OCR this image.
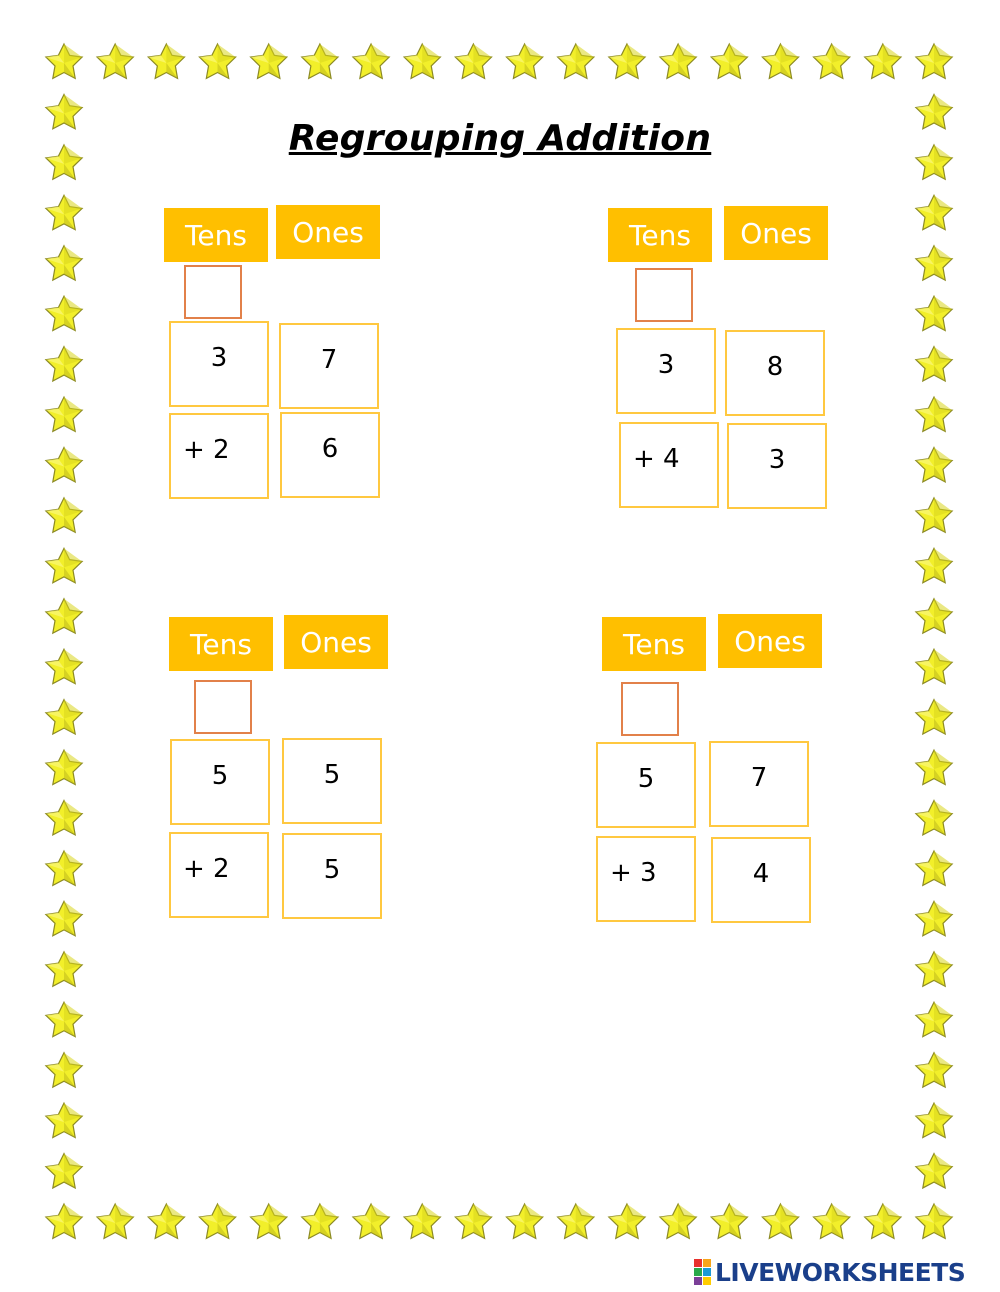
Regrouping Addition
Tens	Ones
3	7
+ 2	6
Tens	Ones
3	8
+ 4	3
Tens	Ones
5	5
+ 2	5
Tens	Ones
5	7
+ 3	4
LIVEWORKSHEETS
